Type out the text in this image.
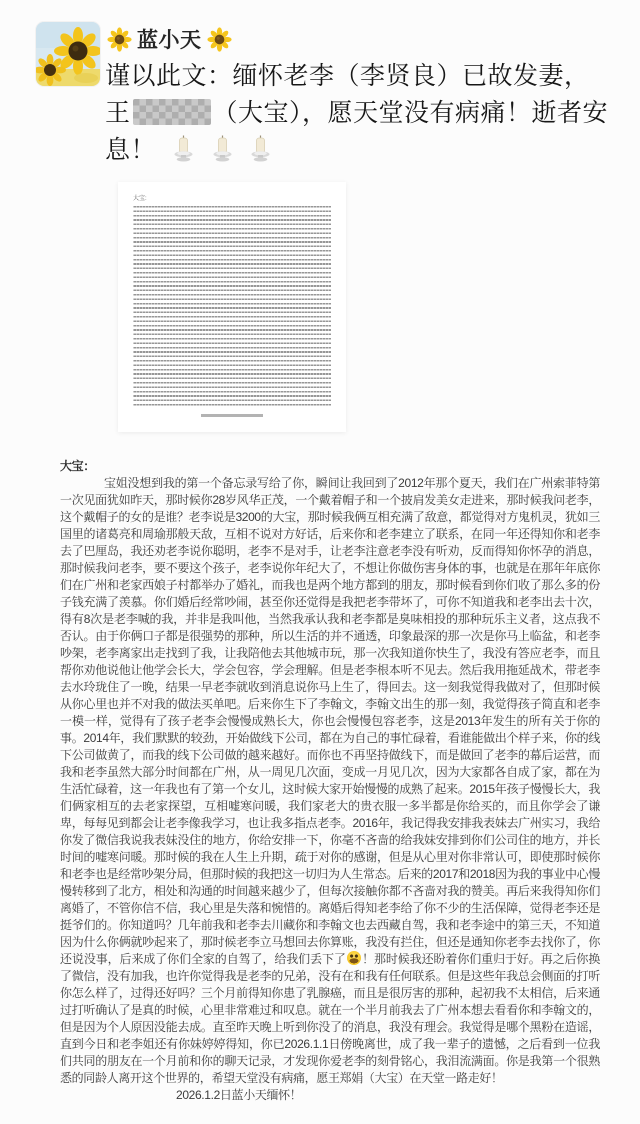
蓝小天
谨以此文：缅怀老李（李贤良）已故发妻，
王	（大宝），愿天堂没有病痛！逝者安息！
大宝:
大宝：

宝姐没想到我的第一个备忘录写给了你，瞬间让我回到了2012年那个夏天，我们在广州索菲特第一次见面犹如昨天，那时候你28岁风华正茂，一个戴着帽子和一个披肩发美女走进来，那时候我问老李，这个戴帽子的女的是谁？老李说是3200的大宝，那时候我俩互相充满了敌意，都觉得对方鬼机灵，犹如三国里的诸葛亮和周瑜那般天敌，互相不说对方好话，后来你和老李建立了联系，在同一年还得知你和老李去了巴厘岛，我还劝老李说你聪明，老李不是对手，让老李注意老李没有听劝，反而得知你怀孕的消息，那时候我问老李，要不要这个孩子，老李说你年纪大了，不想让你做伤害身体的事，也就是在那年年底你们在广州和老家西娘子村都举办了婚礼，而我也是两个地方都到的朋友，那时候看到你们收了那么多的份子钱充满了羡慕。你们婚后经常吵闹，甚至你还觉得是我把老李带坏了，可你不知道我和老李出去十次，得有8次是老李喊的我，并非是我叫他，当然我承认我和老李都是臭味相投的那种玩乐主义者，这点我不否认。由于你俩口子都是很强势的那种，所以生活的并不通透，印象最深的那一次是你马上临盆，和老李吵架，老李离家出走找到了我，让我陪他去其他城市玩，那一次我知道你快生了，我没有答应老李，而且帮你劝他说他让他学会长大，学会包容，学会理解。但是老李根本听不见去。然后我用拖延战术，带老李去水玲珑住了一晚，结果一早老李就收到消息说你马上生了，得回去。这一刻我觉得我做对了，但那时候从你心里也并不对我的做法买单吧。后来你生下了李翰文，李翰文出生的那一刻，我觉得孩子简直和老李一模一样，觉得有了孩子老李会慢慢成熟长大，你也会慢慢包容老李，这是2013年发生的所有关于你的事。2014年，我们默默的较劲，开始做线下公司，都在为自己的事忙碌着，看谁能做出个样子来，你的线下公司做黄了，而我的线下公司做的越来越好。而你也不再坚持做线下，而是做回了老李的幕后运营，而我和老李虽然大部分时间都在广州，从一周见几次面，变成一月见几次，因为大家都各自成了家，都在为生活忙碌着，这一年我也有了第一个女儿，这时候大家开始慢慢的成熟了起来。2015年孩子慢慢长大，我们俩家相互的去老家探望，互相嘘寒问暖，我们家老大的贵衣服一多半都是你给买的，而且你学会了谦卑，每每见到都会让老李像我学习，也让我多指点老李。2016年，我记得我安排我表妹去广州实习，我给你发了微信我说我表妹没住的地方，你给安排一下，你毫不吝啬的给我妹安排到你们公司住的地方，并长时间的嘘寒问暖。那时候的我在人生上升期，疏于对你的感谢，但是从心里对你非常认可，即使那时候你和老李也是经常吵架分局，但那时候的我把这一切归为人生常态。后来的2017和2018因为我的事业中心慢慢转移到了北方，相处和沟通的时间越来越少了，但每次接触你都不吝啬对我的赞美。再后来我得知你们离婚了，不管你信不信，我心里是失落和惋惜的。离婚后得知老李给了你不少的生活保障，觉得老李还是挺爷们的。你知道吗？几年前我和老李去川藏你和李翰文也去西藏自驾，我和老李途中的第三天，不知道因为什么你俩就吵起来了，那时候老李立马想回去你算账，我没有拦住，但还是通知你老李去找你了，你还说没事，后来成了你们全家的自驾了，给我们丢下了 ！那时候我还盼着你们重归于好。再之后你换了微信，没有加我，也许你觉得我是老李的兄弟，没有在和我有任何联系。但是这些年我总会侧面的打听你怎么样了，过得还好吗？三个月前得知你患了乳腺癌，而且是很厉害的那种，起初我不太相信，后来通过打听确认了是真的时候，心里非常难过和叹息。就在一个半月前我去了广州本想去看看你和李翰文的，但是因为个人原因没能去成。直至昨天晚上听到你没了的消息，我没有理会。我觉得是哪个黑粉在造谣，直到今日和老李姐还有你妹婷婷得知，你已2026.1.1日傍晚离世，成了我一辈子的遗憾，之后看到一位我们共同的朋友在一个月前和你的聊天记录，才发现你爱老李的刻骨铭心，我泪流满面。你是我第一个很熟悉的同龄人离开这个世界的，希望天堂没有病痛，愿王郑娟（大宝）在天堂一路走好！

2026.1.2日蓝小天缅怀！
